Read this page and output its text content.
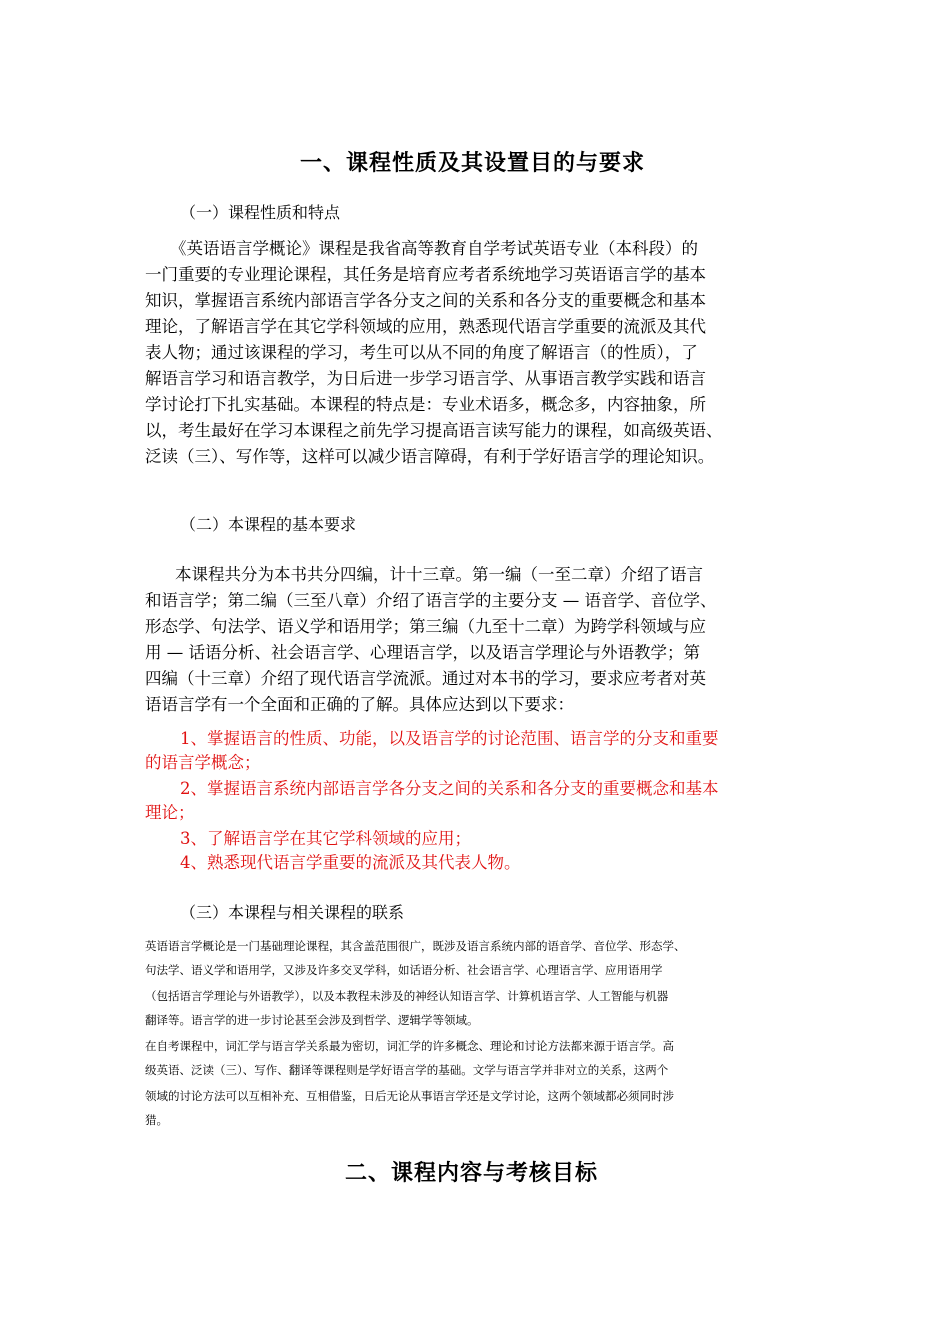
一、课程性质及其设置目的与要求
（一）课程性质和特点
《英语语言学概论》课程是我省高等教育自学考试英语专业（本科段）的
一门重要的专业理论课程，其任务是培育应考者系统地学习英语语言学的基本
知识，掌握语言系统内部语言学各分支之间的关系和各分支的重要概念和基本
理论，了解语言学在其它学科领域的应用，熟悉现代语言学重要的流派及其代
表人物；通过该课程的学习，考生可以从不同的角度了解语言（的性质），了
解语言学习和语言教学，为日后进一步学习语言学、从事语言教学实践和语言
学讨论打下扎实基础。本课程的特点是：专业术语多，概念多，内容抽象，所
以，考生最好在学习本课程之前先学习提高语言读写能力的课程，如高级英语、
泛读（三）、写作等，这样可以减少语言障碍，有利于学好语言学的理论知识。
（二）本课程的基本要求
本课程共分为本书共分四编，计十三章。第一编（一至二章）介绍了语言
和语言学；第二编（三至八章）介绍了语言学的主要分支 — 语音学、音位学、
形态学、句法学、语义学和语用学；第三编（九至十二章）为跨学科领域与应
用 — 话语分析、社会语言学、心理语言学，以及语言学理论与外语教学；第
四编（十三章）介绍了现代语言学流派。通过对本书的学习，要求应考者对英
语语言学有一个全面和正确的了解。具体应达到以下要求：
1、掌握语言的性质、功能，以及语言学的讨论范围、语言学的分支和重要
的语言学概念；
2、掌握语言系统内部语言学各分支之间的关系和各分支的重要概念和基本
理论；
3、了解语言学在其它学科领域的应用；
4、熟悉现代语言学重要的流派及其代表人物。
（三）本课程与相关课程的联系
英语语言学概论是一门基础理论课程，其含盖范围很广，既涉及语言系统内部的语音学、音位学、形态学、
句法学、语义学和语用学，又涉及许多交叉学科，如话语分析、社会语言学、心理语言学、应用语用学
（包括语言学理论与外语教学），以及本教程未涉及的神经认知语言学、计算机语言学、人工智能与机器
翻译等。语言学的进一步讨论甚至会涉及到哲学、逻辑学等领域。
在自考课程中，词汇学与语言学关系最为密切，词汇学的许多概念、理论和讨论方法都来源于语言学。高
级英语、泛读（三）、写作、翻译等课程则是学好语言学的基础。文学与语言学并非对立的关系，这两个
领域的讨论方法可以互相补充、互相借鉴，日后无论从事语言学还是文学讨论，这两个领域都必须同时涉
猎。
二、课程内容与考核目标
